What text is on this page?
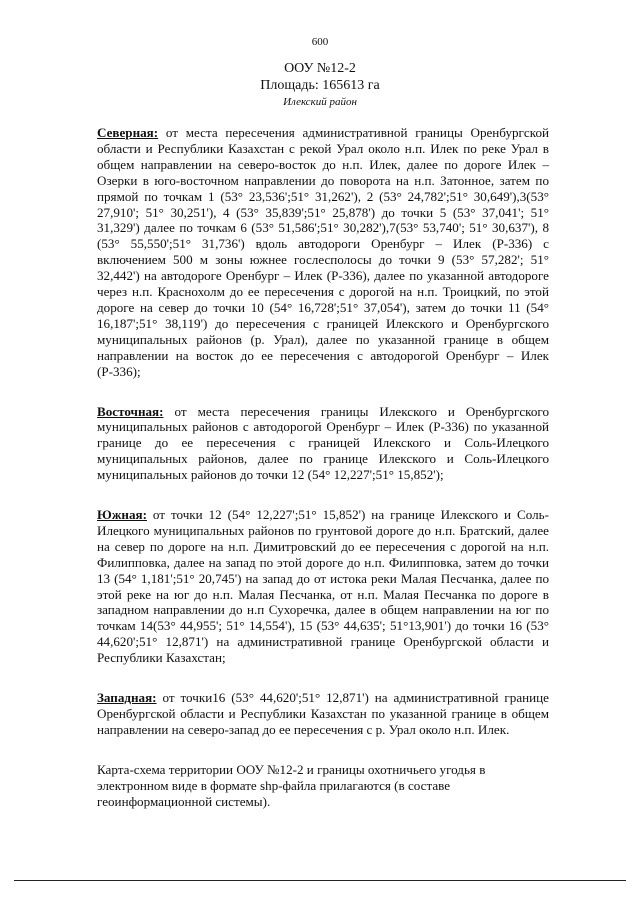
600
ООУ №12-2
Площадь: 165613 га
Илекский район

Северная: от места пересечения административной границы Оренбургской области и Республики Казахстан с рекой Урал около н.п. Илек по реке Урал в общем направлении на северо-восток до н.п. Илек, далее по дороге Илек – Озерки в юго-восточном направлении до поворота на н.п. Затонное, затем по прямой по точкам 1 (53° 23,536';51° 31,262'), 2 (53° 24,782';51° 30,649'),3(53° 27,910'; 51° 30,251'), 4 (53° 35,839';51° 25,878') до точки 5 (53° 37,041'; 51° 31,329') далее по точкам 6 (53° 51,586';51° 30,282'),7(53° 53,740'; 51° 30,637'), 8 (53° 55,550';51° 31,736') вдоль автодороги Оренбург – Илек (Р-336) с включением 500 м зоны южнее гослесполосы до точки 9 (53° 57,282'; 51° 32,442') на автодороге Оренбург – Илек (Р-336), далее по указанной автодороге через н.п. Краснохолм до ее пересечения с дорогой на н.п. Троицкий, по этой дороге на север до точки 10 (54° 16,728';51° 37,054'), затем до точки 11 (54° 16,187';51° 38,119') до пересечения с границей Илекского и Оренбургского муниципальных районов (р. Урал), далее по указанной границе в общем направлении на восток до ее пересечения с автодорогой Оренбург – Илек (Р-336);

Восточная: от места пересечения границы Илекского и Оренбургского муниципальных районов с автодорогой Оренбург – Илек (Р-336) по указанной границе до ее пересечения с границей Илекского и Соль-Илецкого муниципальных районов, далее по границе Илекского и Соль-Илецкого муниципальных районов до точки 12 (54° 12,227';51° 15,852');

Южная: от точки 12 (54° 12,227';51° 15,852') на границе Илекского и Соль-Илецкого муниципальных районов по грунтовой дороге до н.п. Братский, далее на север по дороге на н.п. Димитровский до ее пересечения с дорогой на н.п. Филипповка, далее на запад по этой дороге до н.п. Филипповка, затем до точки 13 (54° 1,181';51° 20,745') на запад до от истока реки Малая Песчанка, далее по этой реке на юг до н.п. Малая Песчанка, от н.п. Малая Песчанка по дороге в западном направлении до н.п Сухоречка, далее в общем направлении на юг по точкам 14(53° 44,955'; 51° 14,554'), 15 (53° 44,635'; 51°13,901') до точки 16 (53° 44,620';51° 12,871') на административной границе Оренбургской области и Республики Казахстан;

Западная: от точки16 (53° 44,620';51° 12,871') на административной границе Оренбургской области и Республики Казахстан по указанной границе в общем направлении на северо-запад до ее пересечения с р. Урал около н.п. Илек.

Карта-схема территории ООУ №12-2 и границы охотничьего угодья в электронном виде в формате shp-файла прилагаются (в составе геоинформационной системы).
